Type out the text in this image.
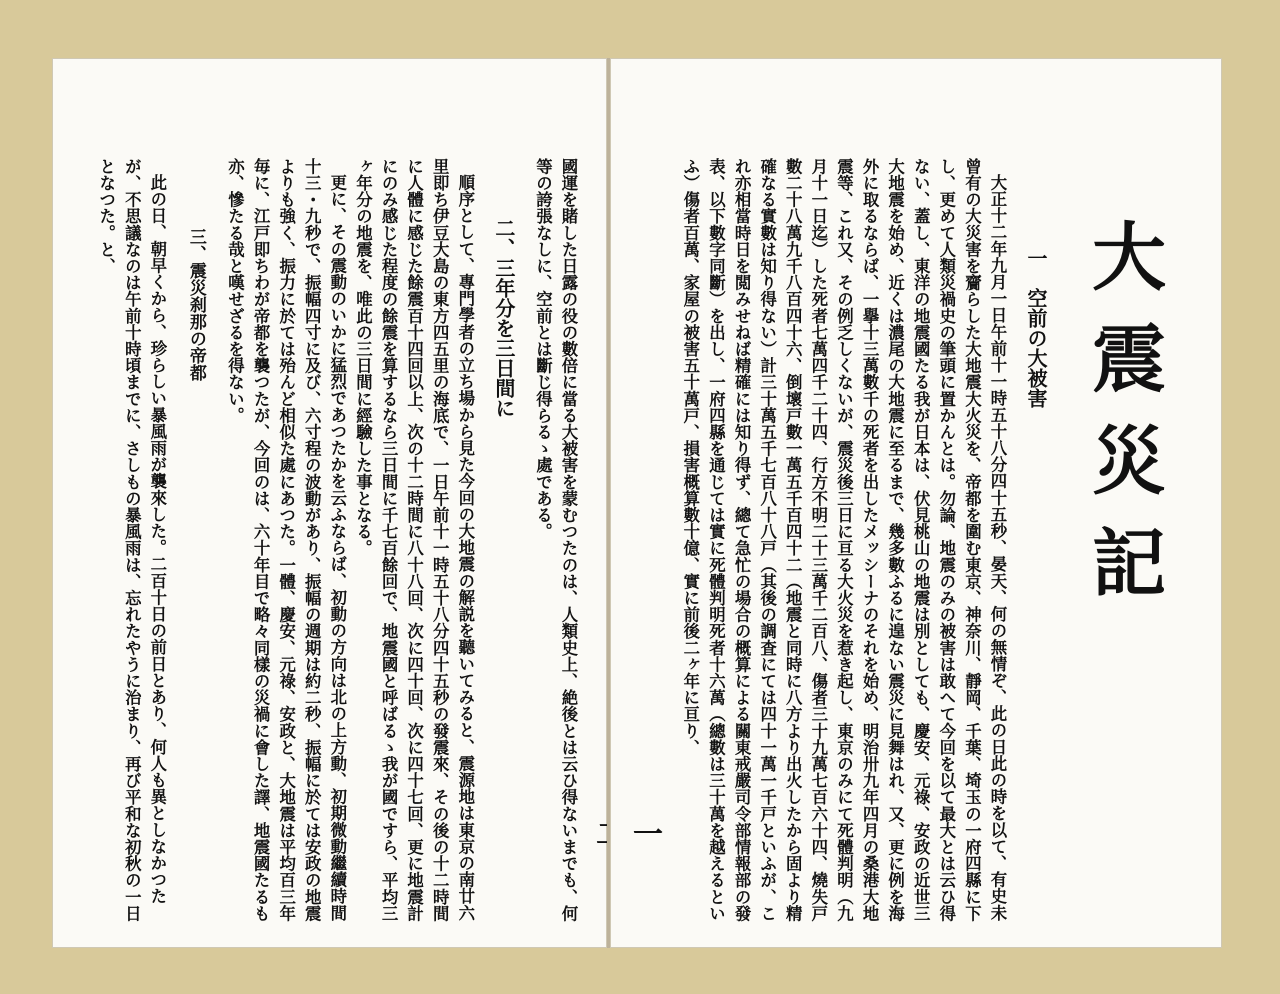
國運を賭した日露の役の數倍に當る大被害を蒙むつたのは、人類史上、絶後とは云ひ得ないまでも、何等の誇張なしに、空前とは斷じ得らるゝ處である。

二、三年分を三日間に

順序として、專門學者の立ち場から見た今回の大地震の解説を聽いてみると、震源地は東京の南廿六里即ち伊豆大島の東方四五里の海底で、一日午前十一時五十八分四十五秒の發震來、その後の十二時間に人體に感じた餘震百十四回以上、次の十二時間に八十八回、次に四十回、次に四十七回、更に地震計にのみ感じた程度の餘震を算するなら三日間に千七百餘回で、地震國と呼ばるゝ我が國ですら、平均三ヶ年分の地震を、唯此の三日間に經驗した事となる。

更に、その震動のいかに猛烈であつたかを云ふならば、初動の方向は北の上方動、初期微動繼續時間十三・九秒で、振幅四寸に及び、六寸程の波動があり、振幅の週期は約二秒、振幅に於ては安政の地震よりも強く、振力に於ては殆んど相似た處にあつた。一體、慶安、元祿、安政と、大地震は平均百三年毎に、江戸即ちわが帝都を襲つたが、今回のは、六十年目で略々同樣の災禍に會した譯、地震國たるも亦、慘たる哉と嘆せざるを得ない。

三、震災刹那の帝都

此の日、朝早くから、珍らしい暴風雨が襲來した。二百十日の前日とあり、何人も異としなかつたが、不思議なのは午前十時頃までに、さしもの暴風雨は、忘れたやうに治まり、再び平和な初秋の一日となつた。と、

大震災記

一　空前の大被害

大正十二年九月一日午前十一時五十八分四十五秒、晏天、何の無情ぞ、此の日此の時を以て、有史未曾有の大災害を齎らした大地震大火災を、帝都を圍む東京、神奈川、靜岡、千葉、埼玉の一府四縣に下し、更めて人類災禍史の筆頭に置かんとは。勿論、地震のみの被害は敢へて今回を以て最大とは云ひ得ない、蓋し、東洋の地震國たる我が日本は、伏見桃山の地震は別としても、慶安、元祿、安政の近世三大地震を始め、近くは濃尾の大地震に至るまで、幾多數ふるに遑ない震災に見舞はれ、又、更に例を海外に取るならば、一擧十三萬數千の死者を出したメッシーナのそれを始め、明治卅九年四月の桑港大地震等、これ又、その例乏しくないが、震災後三日に亘る大火災を惹き起し、東京のみにて死體判明（九月十一日迄）した死者七萬四千二十四、行方不明二十三萬千二百八、傷者三十九萬七百六十四、燒失戸數二十八萬九千八百四十六、倒壞戸數一萬五千百四十二（地震と同時に八方より出火したから固より精確なる實數は知り得ない）計三十萬五千七百八十八戸（其後の調査にては四十一萬一千戸といふが、これ亦相當時日を閲みせねば精確には知り得ず、總て急忙の場合の概算による關東戒嚴司令部情報部の發表、以下數字同斷）を出し、一府四縣を通じては實に死體判明死者十六萬（總數は三十萬を越えるといふ）傷者百萬、家屋の被害五十萬戸、損害概算數十億、實に前後二ヶ年に亘り、

一
